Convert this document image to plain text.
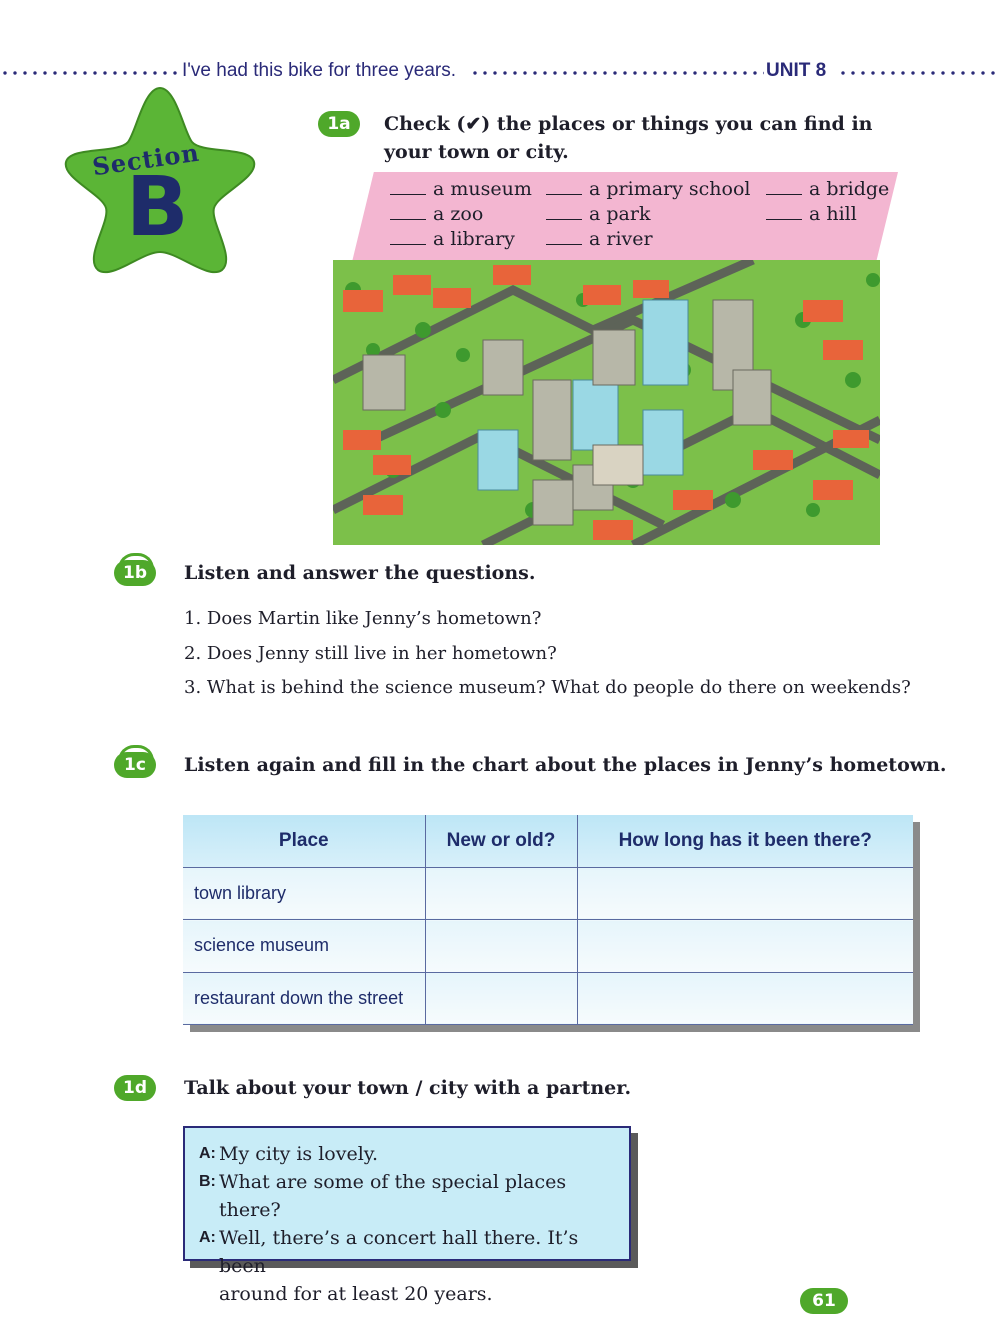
I've had this bike for three years.	UNIT 8
Section
B
1a	Check (✔) the places or things you can find in your town or city.
a museum	a primary school	a bridge
a zoo	a park	a hill
a library	a river
1b	Listen and answer the questions.
1. Does Martin like Jenny’s hometown?
2. Does Jenny still live in her hometown?
3. What is behind the science museum? What do people do there on weekends?
1c	Listen again and fill in the chart about the places in Jenny’s hometown.
Place	New or old?	How long has it been there?
town library		
science museum		
restaurant down the street		
1d	Talk about your town / city with a partner.
A: My city is lovely.
B: What are some of the special places there?
A: Well, there’s a concert hall there. It’s been
around for at least 20 years.	61
